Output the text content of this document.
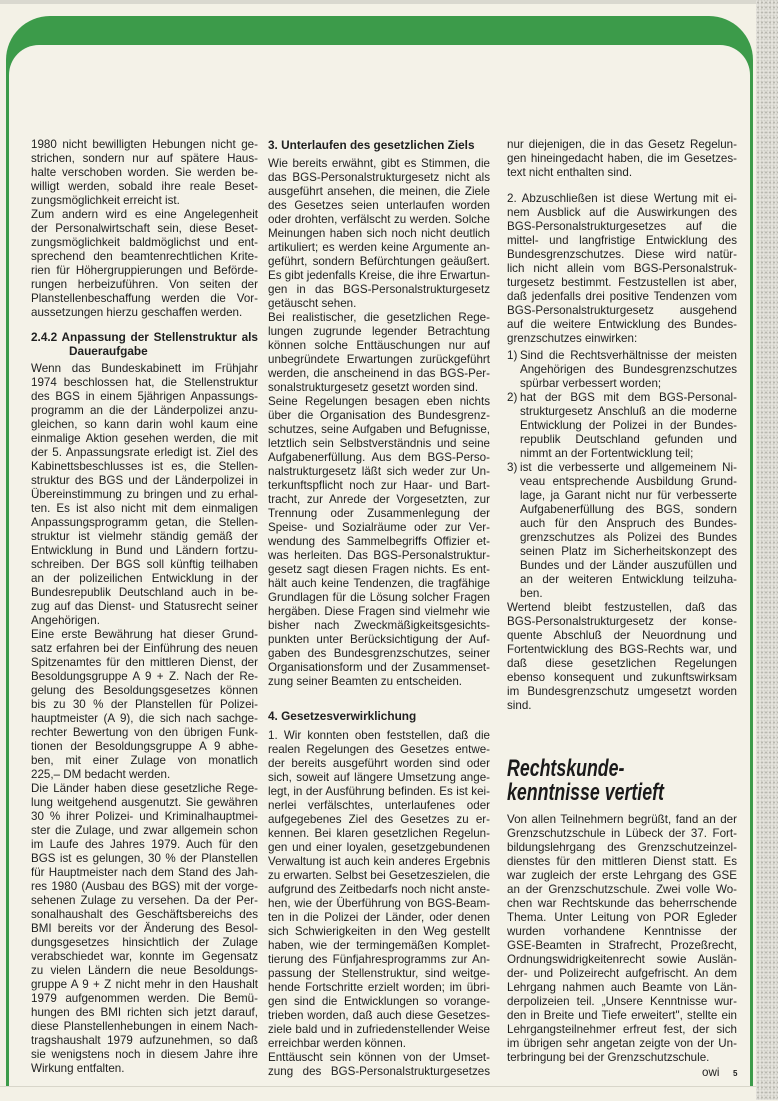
1980 nicht bewilligten Hebungen nicht ge-
strichen, sondern nur auf spätere Haus-
halte verschoben worden. Sie werden be-
willigt werden, sobald ihre reale Beset-
zungsmöglichkeit erreicht ist.
Zum andern wird es eine Angelegenheit
der Personalwirtschaft sein, diese Beset-
zungsmöglichkeit baldmöglichst und ent-
sprechend den beamtenrechtlichen Krite-
rien für Höhergruppierungen und Beförde-
rungen herbeizuführen. Von seiten der
Planstellenbeschaffung werden die Vor-
aussetzungen hierzu geschaffen werden.
2.4.2 Anpassung der Stellenstruktur als
Daueraufgabe
Wenn das Bundeskabinett im Frühjahr
1974 beschlossen hat, die Stellenstruktur
des BGS in einem 5jährigen Anpassungs-
programm an die der Länderpolizei anzu-
gleichen, so kann darin wohl kaum eine
einmalige Aktion gesehen werden, die mit
der 5. Anpassungsrate erledigt ist. Ziel des
Kabinettsbeschlusses ist es, die Stellen-
struktur des BGS und der Länderpolizei in
Übereinstimmung zu bringen und zu erhal-
ten. Es ist also nicht mit dem einmaligen
Anpassungsprogramm getan, die Stellen-
struktur ist vielmehr ständig gemäß der
Entwicklung in Bund und Ländern fortzu-
schreiben. Der BGS soll künftig teilhaben
an der polizeilichen Entwicklung in der
Bundesrepublik Deutschland auch in be-
zug auf das Dienst- und Statusrecht seiner
Angehörigen.
Eine erste Bewährung hat dieser Grund-
satz erfahren bei der Einführung des neuen
Spitzenamtes für den mittleren Dienst, der
Besoldungsgruppe A 9 + Z. Nach der Re-
gelung des Besoldungsgesetzes können
bis zu 30 % der Planstellen für Polizei-
hauptmeister (A 9), die sich nach sachge-
rechter Bewertung von den übrigen Funk-
tionen der Besoldungsgruppe A 9 abhe-
ben, mit einer Zulage von monatlich
225,– DM bedacht werden.
Die Länder haben diese gesetzliche Rege-
lung weitgehend ausgenutzt. Sie gewähren
30 % ihrer Polizei- und Kriminalhauptmei-
ster die Zulage, und zwar allgemein schon
im Laufe des Jahres 1979. Auch für den
BGS ist es gelungen, 30 % der Planstellen
für Hauptmeister nach dem Stand des Jah-
res 1980 (Ausbau des BGS) mit der vorge-
sehenen Zulage zu versehen. Da der Per-
sonalhaushalt des Geschäftsbereichs des
BMI bereits vor der Änderung des Besol-
dungsgesetzes hinsichtlich der Zulage
verabschiedet war, konnte im Gegensatz
zu vielen Ländern die neue Besoldungs-
gruppe A 9 + Z nicht mehr in den Haushalt
1979 aufgenommen werden. Die Bemü-
hungen des BMI richten sich jetzt darauf,
diese Planstellenhebungen in einem Nach-
tragshaushalt 1979 aufzunehmen, so daß
sie wenigstens noch in diesem Jahre ihre
Wirkung entfalten.
3. Unterlaufen des gesetzlichen Ziels
Wie bereits erwähnt, gibt es Stimmen, die
das BGS-Personalstrukturgesetz nicht als
ausgeführt ansehen, die meinen, die Ziele
des Gesetzes seien unterlaufen worden
oder drohten, verfälscht zu werden. Solche
Meinungen haben sich noch nicht deutlich
artikuliert; es werden keine Argumente an-
geführt, sondern Befürchtungen geäußert.
Es gibt jedenfalls Kreise, die ihre Erwartun-
gen in das BGS-Personalstrukturgesetz
getäuscht sehen.
Bei realistischer, die gesetzlichen Rege-
lungen zugrunde legender Betrachtung
können solche Enttäuschungen nur auf
unbegründete Erwartungen zurückgeführt
werden, die anscheinend in das BGS-Per-
sonalstrukturgesetz gesetzt worden sind.
Seine Regelungen besagen eben nichts
über die Organisation des Bundesgrenz-
schutzes, seine Aufgaben und Befugnisse,
letztlich sein Selbstverständnis und seine
Aufgabenerfüllung. Aus dem BGS-Perso-
nalstrukturgesetz läßt sich weder zur Un-
terkunftspflicht noch zur Haar- und Bart-
tracht, zur Anrede der Vorgesetzten, zur
Trennung oder Zusammenlegung der
Speise- und Sozialräume oder zur Ver-
wendung des Sammelbegriffs Offizier et-
was herleiten. Das BGS-Personalstruktur-
gesetz sagt diesen Fragen nichts. Es ent-
hält auch keine Tendenzen, die tragfähige
Grundlagen für die Lösung solcher Fragen
hergäben. Diese Fragen sind vielmehr wie
bisher nach Zweckmäßigkeitsgesichts-
punkten unter Berücksichtigung der Auf-
gaben des Bundesgrenzschutzes, seiner
Organisationsform und der Zusammenset-
zung seiner Beamten zu entscheiden.
4. Gesetzesverwirklichung
1. Wir konnten oben feststellen, daß die
realen Regelungen des Gesetzes entwe-
der bereits ausgeführt worden sind oder
sich, soweit auf längere Umsetzung ange-
legt, in der Ausführung befinden. Es ist kei-
nerlei verfälschtes, unterlaufenes oder
aufgegebenes Ziel des Gesetzes zu er-
kennen. Bei klaren gesetzlichen Regelun-
gen und einer loyalen, gesetzgebundenen
Verwaltung ist auch kein anderes Ergebnis
zu erwarten. Selbst bei Gesetzeszielen, die
aufgrund des Zeitbedarfs noch nicht anste-
hen, wie der Überführung von BGS-Beam-
ten in die Polizei der Länder, oder denen
sich Schwierigkeiten in den Weg gestellt
haben, wie der termingemäßen Komplet-
tierung des Fünfjahresprogramms zur An-
passung der Stellenstruktur, sind weitge-
hende Fortschritte erzielt worden; im übri-
gen sind die Entwicklungen so vorange-
trieben worden, daß auch diese Gesetzes-
ziele bald und in zufriedenstellender Weise
erreichbar werden können.
Enttäuscht sein können von der Umset-
zung des BGS-Personalstrukturgesetzes
nur diejenigen, die in das Gesetz Regelun-
gen hineingedacht haben, die im Gesetzes-
text nicht enthalten sind.
2. Abzuschließen ist diese Wertung mit ei-
nem Ausblick auf die Auswirkungen des
BGS-Personalstrukturgesetzes auf die
mittel- und langfristige Entwicklung des
Bundesgrenzschutzes. Diese wird natür-
lich nicht allein vom BGS-Personalstruk-
turgesetz bestimmt. Festzustellen ist aber,
daß jedenfalls drei positive Tendenzen vom
BGS-Personalstrukturgesetz ausgehend
auf die weitere Entwicklung des Bundes-
grenzschutzes einwirken:
1) Sind die Rechtsverhältnisse der meisten
Angehörigen des Bundesgrenzschutzes
spürbar verbessert worden;
2) hat der BGS mit dem BGS-Personal-
strukturgesetz Anschluß an die moderne
Entwicklung der Polizei in der Bundes-
republik Deutschland gefunden und
nimmt an der Fortentwicklung teil;
3) ist die verbesserte und allgemeinem Ni-
veau entsprechende Ausbildung Grund-
lage, ja Garant nicht nur für verbesserte
Aufgabenerfüllung des BGS, sondern
auch für den Anspruch des Bundes-
grenzschutzes als Polizei des Bundes
seinen Platz im Sicherheitskonzept des
Bundes und der Länder auszufüllen und
an der weiteren Entwicklung teilzuha-
ben.
Wertend bleibt festzustellen, daß das
BGS-Personalstrukturgesetz der konse-
quente Abschluß der Neuordnung und
Fortentwicklung des BGS-Rechts war, und
daß diese gesetzlichen Regelungen
ebenso konsequent und zukunftswirksam
im Bundesgrenzschutz umgesetzt worden
sind.
Rechtskunde-
kenntnisse vertieft
Von allen Teilnehmern begrüßt, fand an der
Grenzschutzschule in Lübeck der 37. Fort-
bildungslehrgang des Grenzschutzeinzel-
dienstes für den mittleren Dienst statt. Es
war zugleich der erste Lehrgang des GSE
an der Grenzschutzschule. Zwei volle Wo-
chen war Rechtskunde das beherrschende
Thema. Unter Leitung von POR Egleder
wurden vorhandene Kenntnisse der
GSE-Beamten in Strafrecht, Prozeßrecht,
Ordnungswidrigkeitenrecht sowie Auslän-
der- und Polizeirecht aufgefrischt. An dem
Lehrgang nahmen auch Beamte von Län-
derpolizeien teil. „Unsere Kenntnisse wur-
den in Breite und Tiefe erweitert", stellte ein
Lehrgangsteilnehmer erfreut fest, der sich
im übrigen sehr angetan zeigte von der Un-
terbringung bei der Grenzschutzschule.
owi 5
